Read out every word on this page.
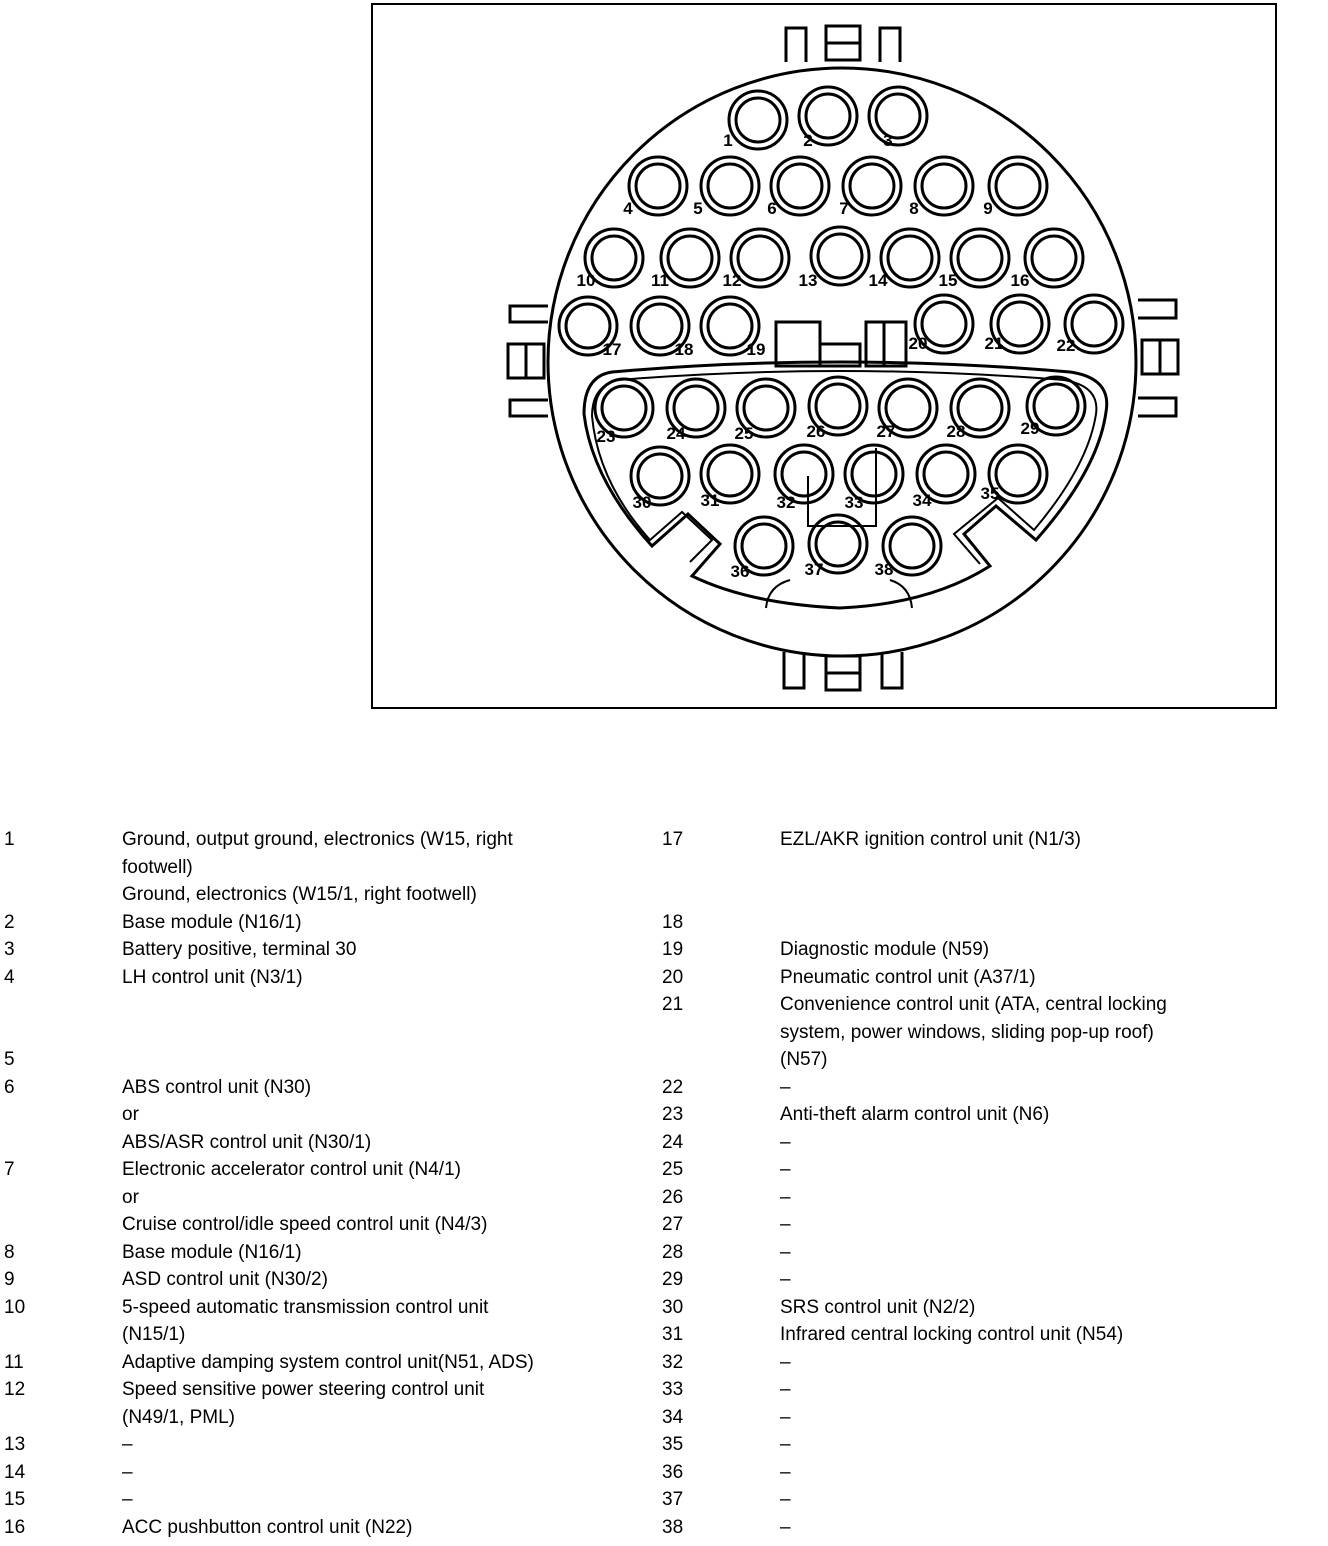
1	2	3
4	5	6	7	8	9
10	11	12	13	14	15	16
17	18	19	20	21	22
23	24	25	26	27	28	29
30	31	32	33	34	35
36	37	38
1	Ground, output ground, electronics (W15, right
footwell)
Ground, electronics (W15/1, right footwell)
2	Base module (N16/1)
3	Battery positive, terminal 30
4	LH control unit (N3/1)

5
6	ABS control unit (N30)
or
ABS/ASR control unit (N30/1)
7	Electronic accelerator control unit (N4/1)
or
Cruise control/idle speed control unit (N4/3)
8	Base module (N16/1)
9	ASD control unit (N30/2)
10	5-speed automatic transmission control unit
(N15/1)
11	Adaptive damping system control unit(N51, ADS)
12	Speed sensitive power steering control unit
(N49/1, PML)
13	–
14	–
15	–
16	ACC pushbutton control unit (N22)
17	EZL/AKR ignition control unit (N1/3)

18
19	Diagnostic module (N59)
20	Pneumatic control unit (A37/1)
21	Convenience control unit (ATA, central locking
system, power windows, sliding pop-up roof)
(N57)
22	–
23	Anti-theft alarm control unit (N6)
24	–
25	–
26	–
27	–
28	–
29	–
30	SRS control unit (N2/2)
31	Infrared central locking control unit (N54)
32	–
33	–
34	–
35	–
36	–
37	–
38	–
